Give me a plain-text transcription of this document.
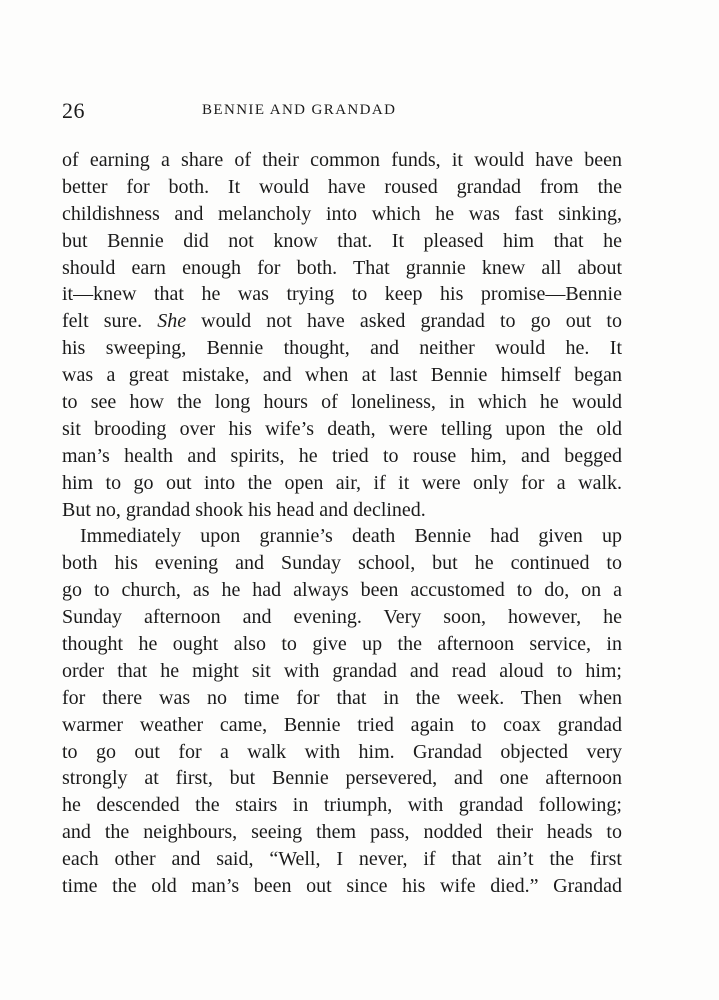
26	BENNIE AND GRANDAD
of earning a share of their common funds, it would have been
better for both. It would have roused grandad from the
childishness and melancholy into which he was fast sinking,
but Bennie did not know that. It pleased him that he
should earn enough for both. That grannie knew all about
it—knew that he was trying to keep his promise—Bennie
felt sure. She would not have asked grandad to go out to
his sweeping, Bennie thought, and neither would he. It
was a great mistake, and when at last Bennie himself began
to see how the long hours of loneliness, in which he would
sit brooding over his wife’s death, were telling upon the old
man’s health and spirits, he tried to rouse him, and begged
him to go out into the open air, if it were only for a walk.
But no, grandad shook his head and declined.
Immediately upon grannie’s death Bennie had given up
both his evening and Sunday school, but he continued to
go to church, as he had always been accustomed to do, on a
Sunday afternoon and evening. Very soon, however, he
thought he ought also to give up the afternoon service, in
order that he might sit with grandad and read aloud to him;
for there was no time for that in the week. Then when
warmer weather came, Bennie tried again to coax grandad
to go out for a walk with him. Grandad objected very
strongly at first, but Bennie persevered, and one afternoon
he descended the stairs in triumph, with grandad following;
and the neighbours, seeing them pass, nodded their heads to
each other and said, “Well, I never, if that ain’t the first
time the old man’s been out since his wife died.” Grandad
